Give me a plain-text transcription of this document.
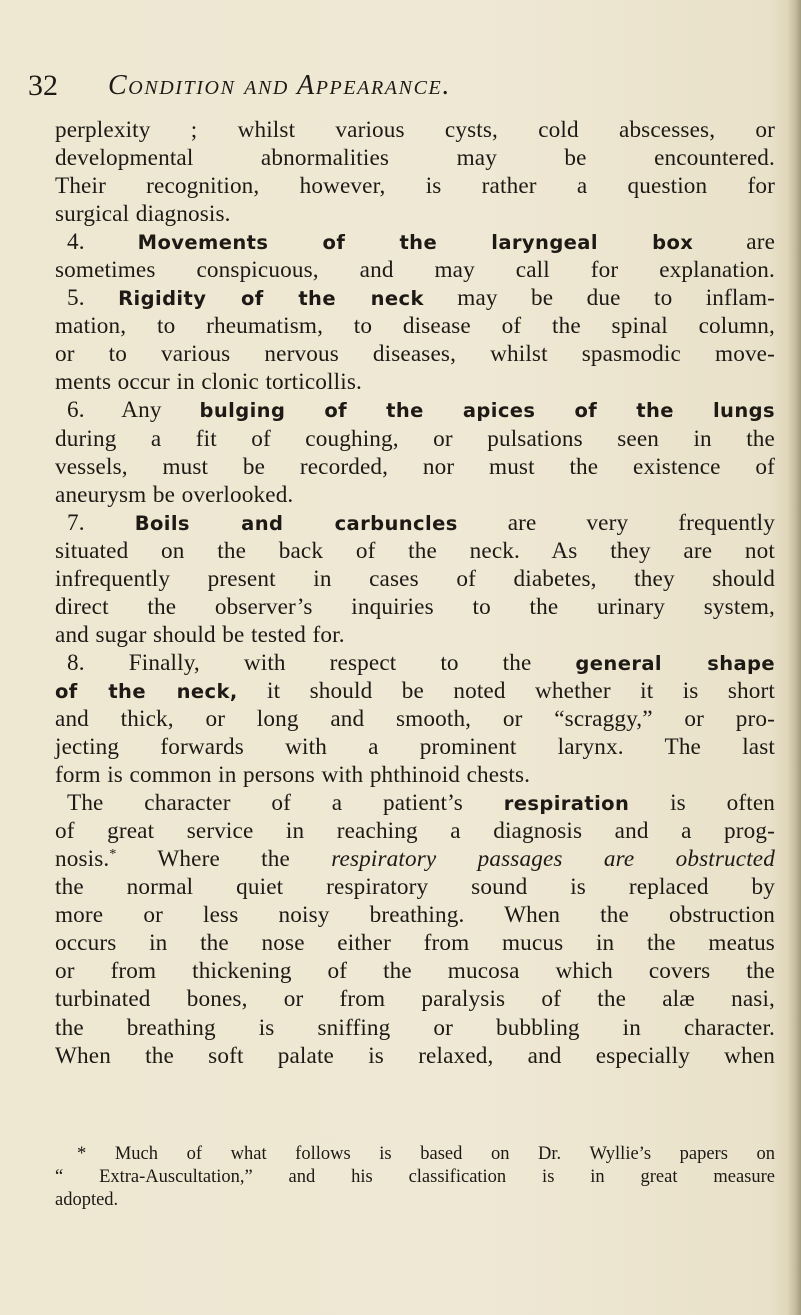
32 Condition and Appearance.
perplexity ; whilst various cysts, cold abscesses, or
developmental abnormalities may be encountered.
Their recognition, however, is rather a question for
surgical diagnosis.
4.	Movements of the laryngeal box are
sometimes conspicuous, and may call for explanation.
5. Rigidity of the neck may be due to inflam-
mation, to rheumatism, to disease of the spinal column,
or to various nervous diseases, whilst spasmodic move-
ments occur in clonic torticollis.
6. Any bulging of the apices of the lungs
during a fit of coughing, or pulsations seen in the
vessels, must be recorded, nor must the existence of
aneurysm be overlooked.
7.	Boils and carbuncles are very frequently
situated on the back of the neck. As they are not
infrequently present in cases of diabetes, they should
direct the observer’s inquiries to the urinary system,
and sugar should be tested for.
8. Finally, with respect to the general shape
of the neck, it should be noted whether it is short
and thick, or long and smooth, or “scraggy,” or pro-
jecting forwards with a prominent larynx. The last
form is common in persons with phthinoid chests.
The character of a patient’s respiration is often
of great service in reaching a diagnosis and a prog-
nosis.* Where the respiratory passages are obstructed
the normal quiet respiratory sound is replaced by
more or less noisy breathing. When the obstruction
occurs in the nose either from mucus in the meatus
or from thickening of the mucosa which covers the
turbinated bones, or from paralysis of the alæ nasi,
the breathing is sniffing or bubbling in character.
When the soft palate is relaxed, and especially when
* Much of what follows is based on Dr. Wyllie’s papers on
“ Extra-Auscultation,” and his classification is in great measure
adopted.
